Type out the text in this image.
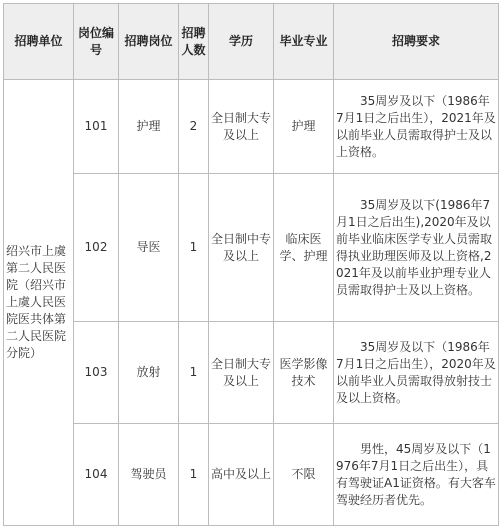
招聘单位	岗位编号	招聘岗位	招聘人数	学历	毕业专业	招聘要求
绍兴市上虞第二人民医院（绍兴市上虞人民医院医共体第二人民医院分院）	101	护理	2	全日制大专及以上	护理	35周岁及以下（1986年7月1日之后出生），2021年及以前毕业人员需取得护士及以上资格。

	102	导医	1	全日制中专及以上	临床医学、护理	35周岁及以下(1986年7月1日之后出生),2020年及以前毕业临床医学专业人员需取得执业助理医师及以上资格,2021年及以前毕业护理专业人员需取得护士及以上资格。

	103	放射	1	全日制大专及以上	医学影像技术	35周岁及以下（1986年7月1日之后出生），2020年及以前毕业人员需取得放射技士及以上资格。

	104	驾驶员	1	高中及以上	不限	男性，45周岁及以下（1976年7月1日之后出生），具有驾驶证A1证资格。有大客车驾驶经历者优先。
